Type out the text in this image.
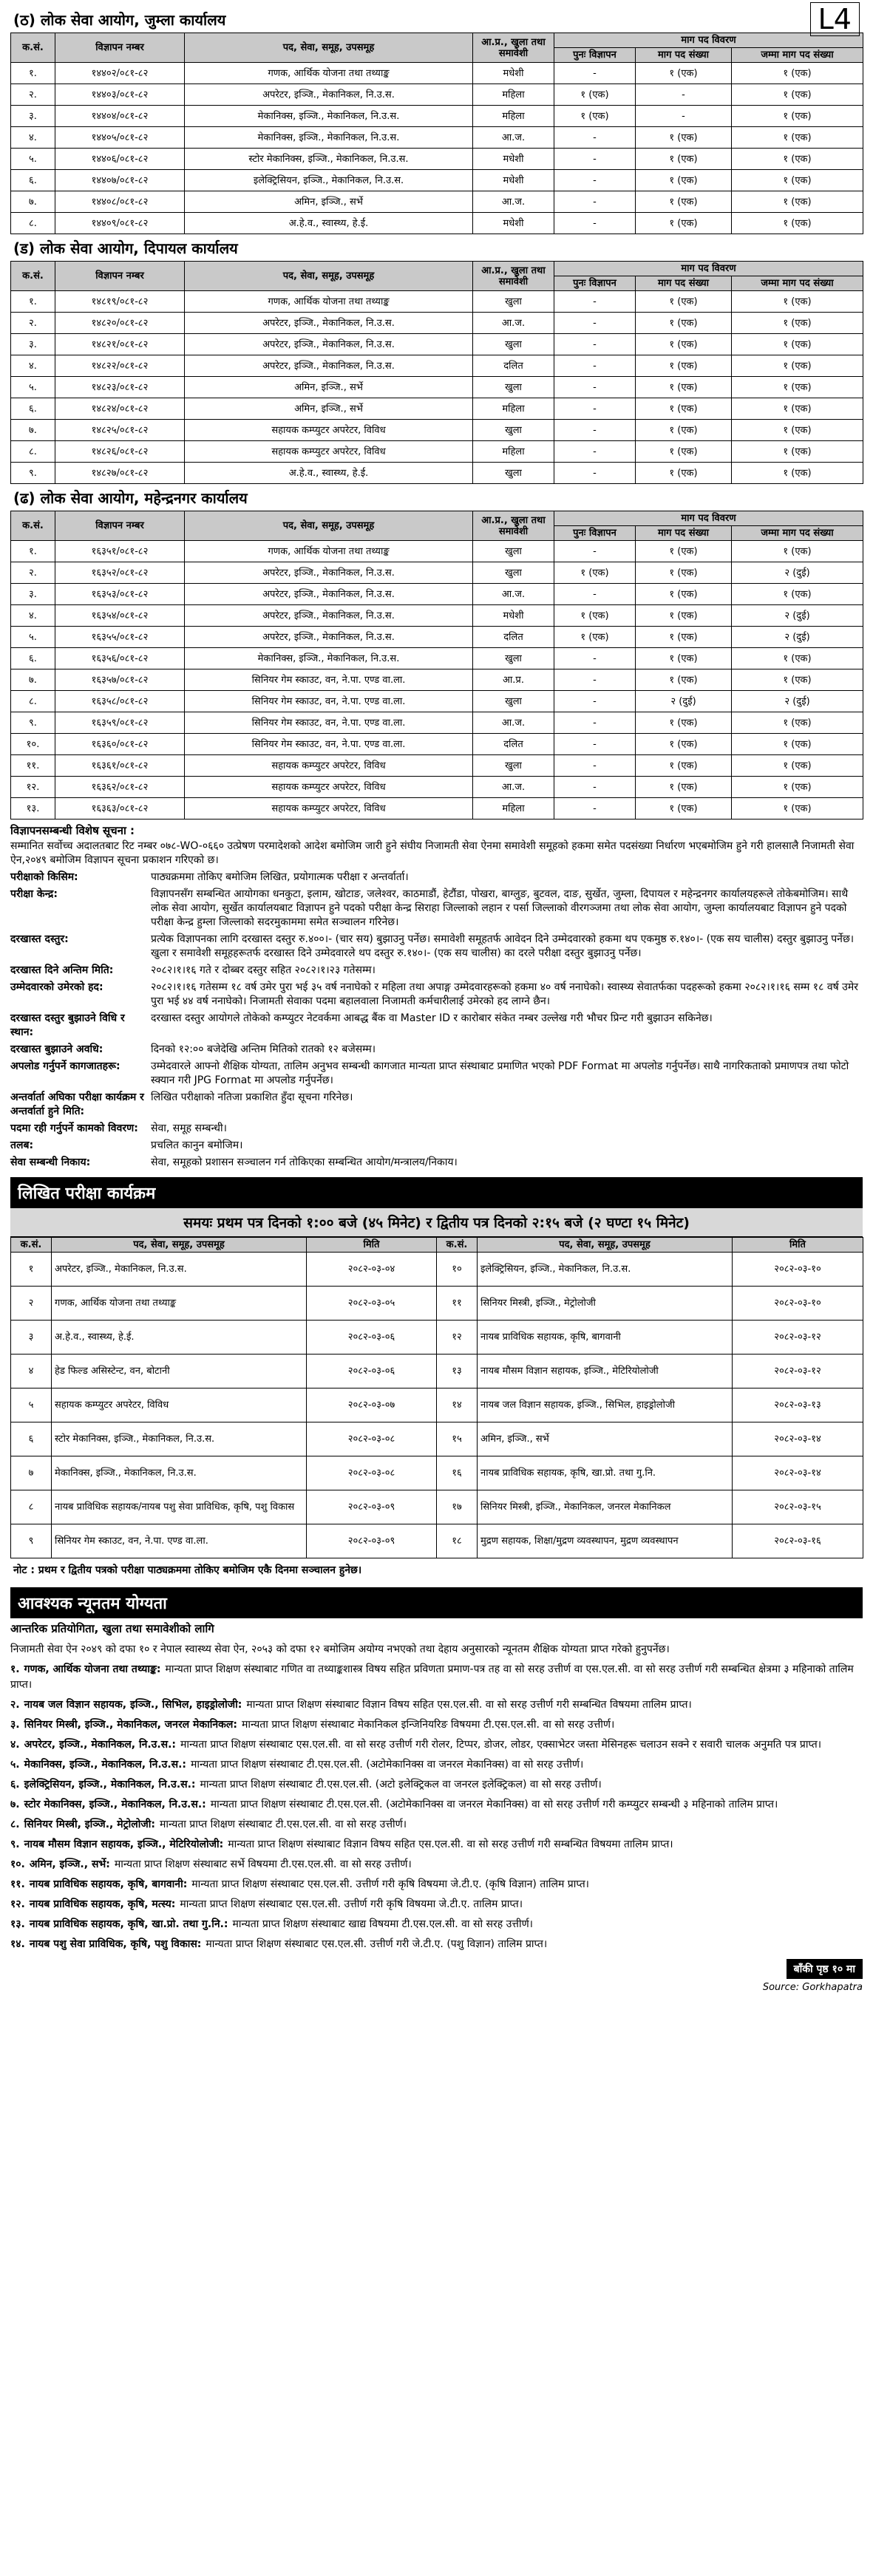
(ठ) लोक सेवा आयोग, जुम्ला कार्यालय	L4
क.सं.	विज्ञापन नम्बर	पद, सेवा, समूह, उपसमूह	आ.प्र., खुला तथा समावेशी	माग पद विवरण		
				पुनः विज्ञापन	माग पद संख्या	जम्मा माग पद संख्या
१.	१४४०२/०८१-८२	गणक, आर्थिक योजना तथा तथ्याङ्क	मधेशी	-	१ (एक)	१ (एक)
२.	१४४०३/०८१-८२	अपरेटर, इञ्जि., मेकानिकल, नि.उ.स.	महिला	१ (एक)	-	१ (एक)
३.	१४४०४/०८१-८२	मेकानिक्स, इञ्जि., मेकानिकल, नि.उ.स.	महिला	१ (एक)	-	१ (एक)
४.	१४४०५/०८१-८२	मेकानिक्स, इञ्जि., मेकानिकल, नि.उ.स.	आ.ज.	-	१ (एक)	१ (एक)
५.	१४४०६/०८१-८२	स्टोर मेकानिक्स, इञ्जि., मेकानिकल, नि.उ.स.	मधेशी	-	१ (एक)	१ (एक)
६.	१४४०७/०८१-८२	इलेक्ट्रिसियन, इञ्जि., मेकानिकल, नि.उ.स.	मधेशी	-	१ (एक)	१ (एक)
७.	१४४०८/०८१-८२	अमिन, इञ्जि., सर्भे	आ.ज.	-	१ (एक)	१ (एक)
८.	१४४०९/०८१-८२	अ.हे.व., स्वास्थ्य, हे.ई.	मधेशी	-	१ (एक)	१ (एक)
(ड) लोक सेवा आयोग, दिपायल कार्यालय
क.सं.	विज्ञापन नम्बर	पद, सेवा, समूह, उपसमूह	आ.प्र., खुला तथा समावेशी	माग पद विवरण		
				पुनः विज्ञापन	माग पद संख्या	जम्मा माग पद संख्या
१.	१४८१९/०८१-८२	गणक, आर्थिक योजना तथा तथ्याङ्क	खुला	-	१ (एक)	१ (एक)
२.	१४८२०/०८१-८२	अपरेटर, इञ्जि., मेकानिकल, नि.उ.स.	आ.ज.	-	१ (एक)	१ (एक)
३.	१४८२१/०८१-८२	अपरेटर, इञ्जि., मेकानिकल, नि.उ.स.	खुला	-	१ (एक)	१ (एक)
४.	१४८२२/०८१-८२	अपरेटर, इञ्जि., मेकानिकल, नि.उ.स.	दलित	-	१ (एक)	१ (एक)
५.	१४८२३/०८१-८२	अमिन, इञ्जि., सर्भे	खुला	-	१ (एक)	१ (एक)
६.	१४८२४/०८१-८२	अमिन, इञ्जि., सर्भे	महिला	-	१ (एक)	१ (एक)
७.	१४८२५/०८१-८२	सहायक कम्प्युटर अपरेटर, विविध	खुला	-	१ (एक)	१ (एक)
८.	१४८२६/०८१-८२	सहायक कम्प्युटर अपरेटर, विविध	महिला	-	१ (एक)	१ (एक)
९.	१४८२७/०८१-८२	अ.हे.व., स्वास्थ्य, हे.ई.	खुला	-	१ (एक)	१ (एक)
(ढ) लोक सेवा आयोग, महेन्द्रनगर कार्यालय
क.सं.	विज्ञापन नम्बर	पद, सेवा, समूह, उपसमूह	आ.प्र., खुला तथा समावेशी	माग पद विवरण		
				पुनः विज्ञापन	माग पद संख्या	जम्मा माग पद संख्या
१.	१६३५१/०८१-८२	गणक, आर्थिक योजना तथा तथ्याङ्क	खुला	-	१ (एक)	१ (एक)
२.	१६३५२/०८१-८२	अपरेटर, इञ्जि., मेकानिकल, नि.उ.स.	खुला	१ (एक)	१ (एक)	२ (दुई)
३.	१६३५३/०८१-८२	अपरेटर, इञ्जि., मेकानिकल, नि.उ.स.	आ.ज.	-	१ (एक)	१ (एक)
४.	१६३५४/०८१-८२	अपरेटर, इञ्जि., मेकानिकल, नि.उ.स.	मधेशी	१ (एक)	१ (एक)	२ (दुई)
५.	१६३५५/०८१-८२	अपरेटर, इञ्जि., मेकानिकल, नि.उ.स.	दलित	१ (एक)	१ (एक)	२ (दुई)
६.	१६३५६/०८१-८२	मेकानिक्स, इञ्जि., मेकानिकल, नि.उ.स.	खुला	-	१ (एक)	१ (एक)
७.	१६३५७/०८१-८२	सिनियर गेम स्काउट, वन, ने.पा. एण्ड वा.ला.	आ.प्र.	-	१ (एक)	१ (एक)
८.	१६३५८/०८१-८२	सिनियर गेम स्काउट, वन, ने.पा. एण्ड वा.ला.	खुला	-	२ (दुई)	२ (दुई)
९.	१६३५९/०८१-८२	सिनियर गेम स्काउट, वन, ने.पा. एण्ड वा.ला.	आ.ज.	-	१ (एक)	१ (एक)
१०.	१६३६०/०८१-८२	सिनियर गेम स्काउट, वन, ने.पा. एण्ड वा.ला.	दलित	-	१ (एक)	१ (एक)
११.	१६३६१/०८१-८२	सहायक कम्प्युटर अपरेटर, विविध	खुला	-	१ (एक)	१ (एक)
१२.	१६३६२/०८१-८२	सहायक कम्प्युटर अपरेटर, विविध	आ.ज.	-	१ (एक)	१ (एक)
१३.	१६३६३/०८१-८२	सहायक कम्प्युटर अपरेटर, विविध	महिला	-	१ (एक)	१ (एक)
विज्ञापनसम्बन्धी विशेष सूचना :
सम्मानित सर्वोच्च अदालतबाट रिट नम्बर ०७८-WO-०६६० उत्प्रेषण परमादेशको आदेश बमोजिम जारी हुने संघीय निजामती सेवा ऐनमा समावेशी समूहको हकमा समेत पदसंख्या निर्धारण भएबमोजिम हुने गरी हालसालै निजामती सेवा ऐन,२०४९ बमोजिम विज्ञापन सूचना प्रकाशन गरिएको छ।
परीक्षाको किसिम:	पाठ्यक्रममा तोकिए बमोजिम लिखित, प्रयोगात्मक परीक्षा र अन्तर्वार्ता।
परीक्षा केन्द्र:	विज्ञापनसँग सम्बन्धित आयोगका धनकुटा, इलाम, खोटाङ, जलेश्वर, काठमाडौं, हेटौंडा, पोखरा, बाग्लुङ, बुटवल, दाङ, सुर्खेत, जुम्ला, दिपायल र महेन्द्रनगर कार्यालयहरूले तोकेबमोजिम। साथै लोक सेवा आयोग, सुर्खेत कार्यालयबाट विज्ञापन हुने पदको परीक्षा केन्द्र सिराहा जिल्लाको लहान र पर्सा जिल्लाको वीरगञ्जमा तथा लोक सेवा आयोग, जुम्ला कार्यालयबाट विज्ञापन हुने पदको परीक्षा केन्द्र हुम्ला जिल्लाको सदरमुकाममा समेत सञ्चालन गरिनेछ।
दरखास्त दस्तुर:	प्रत्येक विज्ञापनका लागि दरखास्त दस्तुर रु.४००।- (चार सय) बुझाउनु पर्नेछ। समावेशी समूहतर्फ आवेदन दिने उम्मेदवारको हकमा थप एकमुष्ठ रु.१४०।- (एक सय चालीस) दस्तुर बुझाउनु पर्नेछ। खुला र समावेशी समूहहरूतर्फ दरखास्त दिने उम्मेदवारले थप दस्तुर रु.१४०।- (एक सय चालीस) का दरले परीक्षा दस्तुर बुझाउनु पर्नेछ।
दरखास्त दिने अन्तिम मिति:	२०८२।१।१६ गते र दोब्बर दस्तुर सहित २०८२।१।२३ गतेसम्म।
उम्मेदवारको उमेरको हद:	२०८२।१।१६ गतेसम्म १८ वर्ष उमेर पुरा भई ३५ वर्ष ननाघेको र महिला तथा अपाङ्ग उम्मेदवारहरूको हकमा ४० वर्ष ननाघेको। स्वास्थ्य सेवातर्फका पदहरूको हकमा २०८२।१।१६ सम्म १८ वर्ष उमेर पुरा भई ४४ वर्ष ननाघेको। निजामती सेवाका पदमा बहालवाला निजामती कर्मचारीलाई उमेरको हद लाग्ने छैन।
दरखास्त दस्तुर बुझाउने विधि र स्थान:
दरखास्त दस्तुर आयोगले तोकेको कम्प्युटर नेटवर्कमा आबद्ध बैंक वा Master ID र कारोबार संकेत नम्बर उल्लेख गरी भौचर प्रिन्ट गरी बुझाउन सकिनेछ।
दरखास्त बुझाउने अवधि:	दिनको १२:०० बजेदेखि अन्तिम मितिको रातको १२ बजेसम्म।
अपलोड गर्नुपर्ने कागजातहरू:	उम्मेदवारले आफ्नो शैक्षिक योग्यता, तालिम अनुभव सम्बन्धी कागजात मान्यता प्राप्त संस्थाबाट प्रमाणित भएको PDF Format मा अपलोड गर्नुपर्नेछ। साथै नागरिकताको प्रमाणपत्र तथा फोटो स्क्यान गरी JPG Format मा अपलोड गर्नुपर्नेछ।
अन्तर्वार्ता अघिका परीक्षा कार्यक्रम र अन्तर्वार्ता हुने मिति:
लिखित परीक्षाको नतिजा प्रकाशित हुँदा सूचना गरिनेछ।
पदमा रही गर्नुपर्ने कामको विवरण:	सेवा, समूह सम्बन्धी।
तलब:	प्रचलित कानुन बमोजिम।
सेवा सम्बन्धी निकाय:	सेवा, समूहको प्रशासन सञ्चालन गर्न तोकिएका सम्बन्धित आयोग/मन्त्रालय/निकाय।
लिखित परीक्षा कार्यक्रम
समयः प्रथम पत्र दिनको १:०० बजे (४५ मिनेट) र द्वितीय पत्र दिनको २:१५ बजे (२ घण्टा १५ मिनेट)
क.सं.	पद, सेवा, समूह, उपसमूह	मिति	क.सं.	पद, सेवा, समूह, उपसमूह	मिति
१	अपरेटर, इञ्जि., मेकानिकल, नि.उ.स.	२०८२-०३-०४	१०	इलेक्ट्रिसियन, इञ्जि., मेकानिकल, नि.उ.स.	२०८२-०३-१०
२	गणक, आर्थिक योजना तथा तथ्याङ्क	२०८२-०३-०५	११	सिनियर मिस्त्री, इञ्जि., मेट्रोलोजी	२०८२-०३-१०
३	अ.हे.व., स्वास्थ्य, हे.ई.	२०८२-०३-०६	१२	नायब प्राविधिक सहायक, कृषि, बागवानी	२०८२-०३-१२
४	हेड फिल्ड असिस्टेन्ट, वन, बोटानी	२०८२-०३-०६	१३	नायब मौसम विज्ञान सहायक, इञ्जि., मेटिरियोलोजी	२०८२-०३-१२
५	सहायक कम्प्युटर अपरेटर, विविध	२०८२-०३-०७	१४	नायब जल विज्ञान सहायक, इञ्जि., सिभिल, हाइड्रोलोजी	२०८२-०३-१३
६	स्टोर मेकानिक्स, इञ्जि., मेकानिकल, नि.उ.स.	२०८२-०३-०८	१५	अमिन, इञ्जि., सर्भे	२०८२-०३-१४
७	मेकानिक्स, इञ्जि., मेकानिकल, नि.उ.स.	२०८२-०३-०८	१६	नायब प्राविधिक सहायक, कृषि, खा.प्रो. तथा गु.नि.	२०८२-०३-१४
८	नायब प्राविधिक सहायक/नायब पशु सेवा प्राविधिक, कृषि, पशु विकास	२०८२-०३-०९	१७	सिनियर मिस्त्री, इञ्जि., मेकानिकल, जनरल मेकानिकल	२०८२-०३-१५
९	सिनियर गेम स्काउट, वन, ने.पा. एण्ड वा.ला.	२०८२-०३-०९	१८	मुद्रण सहायक, शिक्षा/मुद्रण व्यवस्थापन, मुद्रण व्यवस्थापन	२०८२-०३-१६
नोट : प्रथम र द्वितीय पत्रको परीक्षा पाठ्यक्रममा तोकिए बमोजिम एकै दिनमा सञ्चालन हुनेछ।
आवश्यक न्यूनतम योग्यता
आन्तरिक प्रतियोगिता, खुला तथा समावेशीको लागि
निजामती सेवा ऐन २०४९ को दफा १० र नेपाल स्वास्थ्य सेवा ऐन, २०५३ को दफा १२ बमोजिम अयोग्य नभएको तथा देहाय अनुसारको न्यूनतम शैक्षिक योग्यता प्राप्त गरेको हुनुपर्नेछ।
१. गणक, आर्थिक योजना तथा तथ्याङ्क: मान्यता प्राप्त शिक्षण संस्थाबाट गणित वा तथ्याङ्कशास्त्र विषय सहित प्रविणता प्रमाण-पत्र तह वा सो सरह उत्तीर्ण वा एस.एल.सी. वा सो सरह उत्तीर्ण गरी सम्बन्धित क्षेत्रमा ३ महिनाको तालिम प्राप्त।
२. नायब जल विज्ञान सहायक, इञ्जि., सिभिल, हाइड्रोलोजी: मान्यता प्राप्त शिक्षण संस्थाबाट विज्ञान विषय सहित एस.एल.सी. वा सो सरह उत्तीर्ण गरी सम्बन्धित विषयमा तालिम प्राप्त।
३. सिनियर मिस्त्री, इञ्जि., मेकानिकल, जनरल मेकानिकल: मान्यता प्राप्त शिक्षण संस्थाबाट मेकानिकल इन्जिनियरिङ विषयमा टी.एस.एल.सी. वा सो सरह उत्तीर्ण।
४. अपरेटर, इञ्जि., मेकानिकल, नि.उ.स.: मान्यता प्राप्त शिक्षण संस्थाबाट एस.एल.सी. वा सो सरह उत्तीर्ण गरी रोलर, टिप्पर, डोजर, लोडर, एक्साभेटर जस्ता मेसिनहरू चलाउन सक्ने र सवारी चालक अनुमति पत्र प्राप्त।
५. मेकानिक्स, इञ्जि., मेकानिकल, नि.उ.स.: मान्यता प्राप्त शिक्षण संस्थाबाट टी.एस.एल.सी. (अटोमेकानिक्स वा जनरल मेकानिक्स) वा सो सरह उत्तीर्ण।
६. इलेक्ट्रिसियन, इञ्जि., मेकानिकल, नि.उ.स.: मान्यता प्राप्त शिक्षण संस्थाबाट टी.एस.एल.सी. (अटो इलेक्ट्रिकल वा जनरल इलेक्ट्रिकल) वा सो सरह उत्तीर्ण।
७. स्टोर मेकानिक्स, इञ्जि., मेकानिकल, नि.उ.स.: मान्यता प्राप्त शिक्षण संस्थाबाट टी.एस.एल.सी. (अटोमेकानिक्स वा जनरल मेकानिक्स) वा सो सरह उत्तीर्ण गरी कम्प्युटर सम्बन्धी ३ महिनाको तालिम प्राप्त।
८. सिनियर मिस्त्री, इञ्जि., मेट्रोलोजी: मान्यता प्राप्त शिक्षण संस्थाबाट टी.एस.एल.सी. वा सो सरह उत्तीर्ण।
९. नायब मौसम विज्ञान सहायक, इञ्जि., मेटिरियोलोजी: मान्यता प्राप्त शिक्षण संस्थाबाट विज्ञान विषय सहित एस.एल.सी. वा सो सरह उत्तीर्ण गरी सम्बन्धित विषयमा तालिम प्राप्त।
१०. अमिन, इञ्जि., सर्भे: मान्यता प्राप्त शिक्षण संस्थाबाट सर्भे विषयमा टी.एस.एल.सी. वा सो सरह उत्तीर्ण।
११. नायब प्राविधिक सहायक, कृषि, बागवानी: मान्यता प्राप्त शिक्षण संस्थाबाट एस.एल.सी. उत्तीर्ण गरी कृषि विषयमा जे.टी.ए. (कृषि विज्ञान) तालिम प्राप्त।
१२. नायब प्राविधिक सहायक, कृषि, मत्स्य: मान्यता प्राप्त शिक्षण संस्थाबाट एस.एल.सी. उत्तीर्ण गरी कृषि विषयमा जे.टी.ए. तालिम प्राप्त।
१३. नायब प्राविधिक सहायक, कृषि, खा.प्रो. तथा गु.नि.: मान्यता प्राप्त शिक्षण संस्थाबाट खाद्य विषयमा टी.एस.एल.सी. वा सो सरह उत्तीर्ण।
१४. नायब पशु सेवा प्राविधिक, कृषि, पशु विकास: मान्यता प्राप्त शिक्षण संस्थाबाट एस.एल.सी. उत्तीर्ण गरी जे.टी.ए. (पशु विज्ञान) तालिम प्राप्त।
बाँकी पृष्ठ १० मा
Source: Gorkhapatra
